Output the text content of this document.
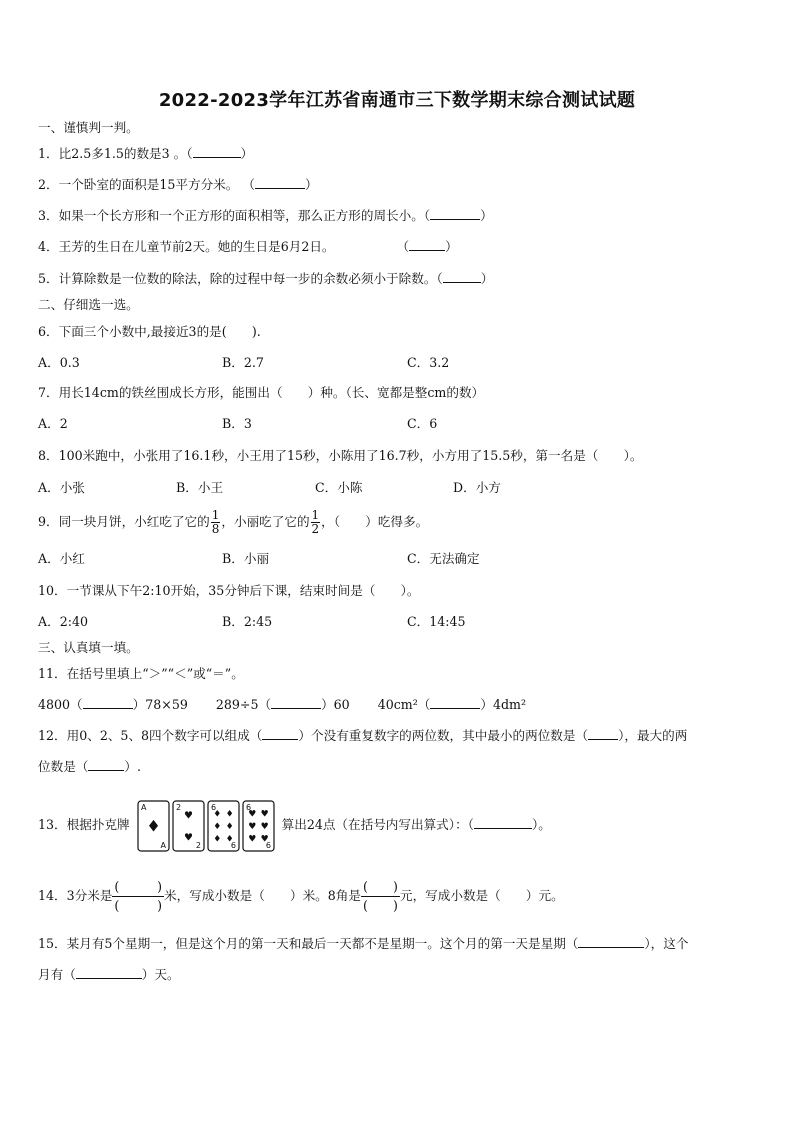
2022-2023学年江苏省南通市三下数学期末综合测试试题
一、谨慎判一判。
1．比2.5多1.5的数是3 。（	）
2．一个卧室的面积是15平方分米。 （	）
3．如果一个长方形和一个正方形的面积相等，那么正方形的周长小。（	）
4．王芳的生日在儿童节前2天。她的生日是6月2日。	（	）
5．计算除数是一位数的除法，除的过程中每一步的余数必须小于除数。（	）
二、仔细选一选。
6．下面三个小数中,最接近3的是(　　).
A．0.3	B．2.7	C．3.2
7．用长14cm的铁丝围成长方形，能围出（　　）种。（长、宽都是整cm的数）
A．2	B．3	C．6
8．100米跑中，小张用了16.1秒，小王用了15秒，小陈用了16.7秒，小方用了15.5秒，第一名是（　　）。
A．小张	B．小王	C．小陈	D．小方
9．同一块月饼，小红吃了它的 $\frac{1}{8}$ ，小丽吃了它的 $\frac{1}{2}$ ，（　　）吃得多。
A．小红	B．小丽	C．无法确定
10．一节课从下午2:10开始，35分钟后下课，结束时间是（　　）。
A．2:40	B．2:45	C．14:45
三、认真填一填。
11．在括号里填上“＞”“＜”或“＝”。
4800（	）78×59 289÷5（	）60 40cm²（	）4dm²
12．用0、2、5、8四个数字可以组成（	）个没有重复数字的两位数，其中最小的两位数是（ ），最大的两
位数是（	）.
13．根据扑克牌
A
A
♦
2
2
♥
♥
6
6
♦ ♦
♦ ♦
♦ ♦
6
6
♥ ♥
♥ ♥
♥ ♥
算出24点（在括号内写出算式）：（	）。
14．3分米是
(　　　)
(　　　)
米，写成小数是（　　）米。8角是
(　　)
(　　)
元，写成小数是（　　）元。
15．某月有5个星期一，但是这个月的第一天和最后一天都不是星期一。这个月的第一天是星期（	），这个
月有（	）天。
